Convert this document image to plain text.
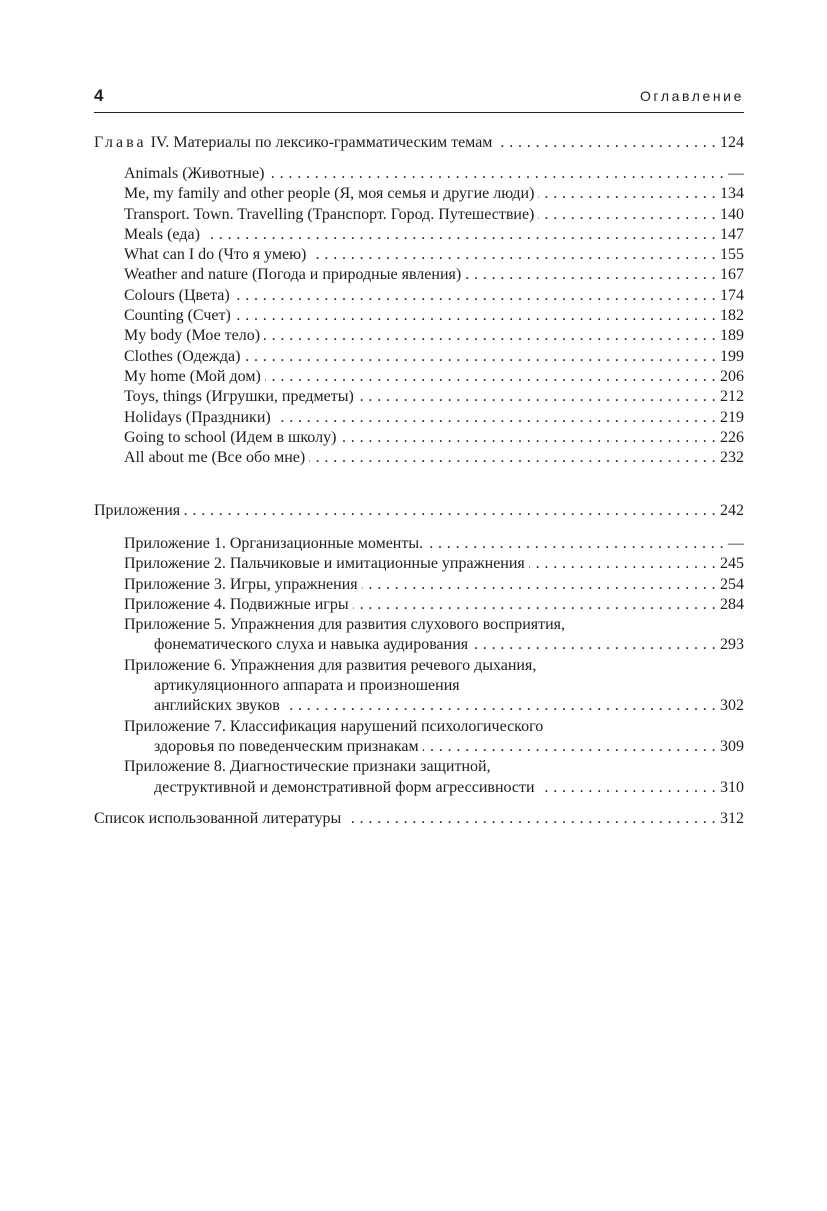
4	Оглавление
Глава IV. Материалы по лексико-грамматическим темам . . .	124
Animals (Животные) . . .	—
Me, my family and other people (Я, моя семья и другие люди) . . .	134
Transport. Town. Travelling (Транспорт. Город. Путешествие) . . .	140
Meals (еда) . . .	147
What can I do (Что я умею) . . .	155
Weather and nature (Погода и природные явления) . . .	167
Colours (Цвета) . . .	174
Counting (Счет) . . .	182
My body (Мое тело) . . .	189
Clothes (Одежда) . . .	199
My home (Мой дом) . . .	206
Toys, things (Игрушки, предметы) . . .	212
Holidays (Праздники) . . .	219
Going to school (Идем в школу) . . .	226
All about me (Все обо мне) . . .	232
Приложения . . .	242
Приложение 1. Организационные моменты. . . .	—
Приложение 2. Пальчиковые и имитационные упражнения . . .	245
Приложение 3. Игры, упражнения . . .	254
Приложение 4. Подвижные игры . . .	284
Приложение 5. Упражнения для развития слухового восприятия,
фонематического слуха и навыка аудирования . . .	293
Приложение 6. Упражнения для развития речевого дыхания,
артикуляционного аппарата и произношения
английских звуков . . .	302
Приложение 7. Классификация нарушений психологического
здоровья по поведенческим признакам . . .	309
Приложение 8. Диагностические признаки защитной,
деструктивной и демонстративной форм агрессивности . . .	310
Список использованной литературы . . .	312
